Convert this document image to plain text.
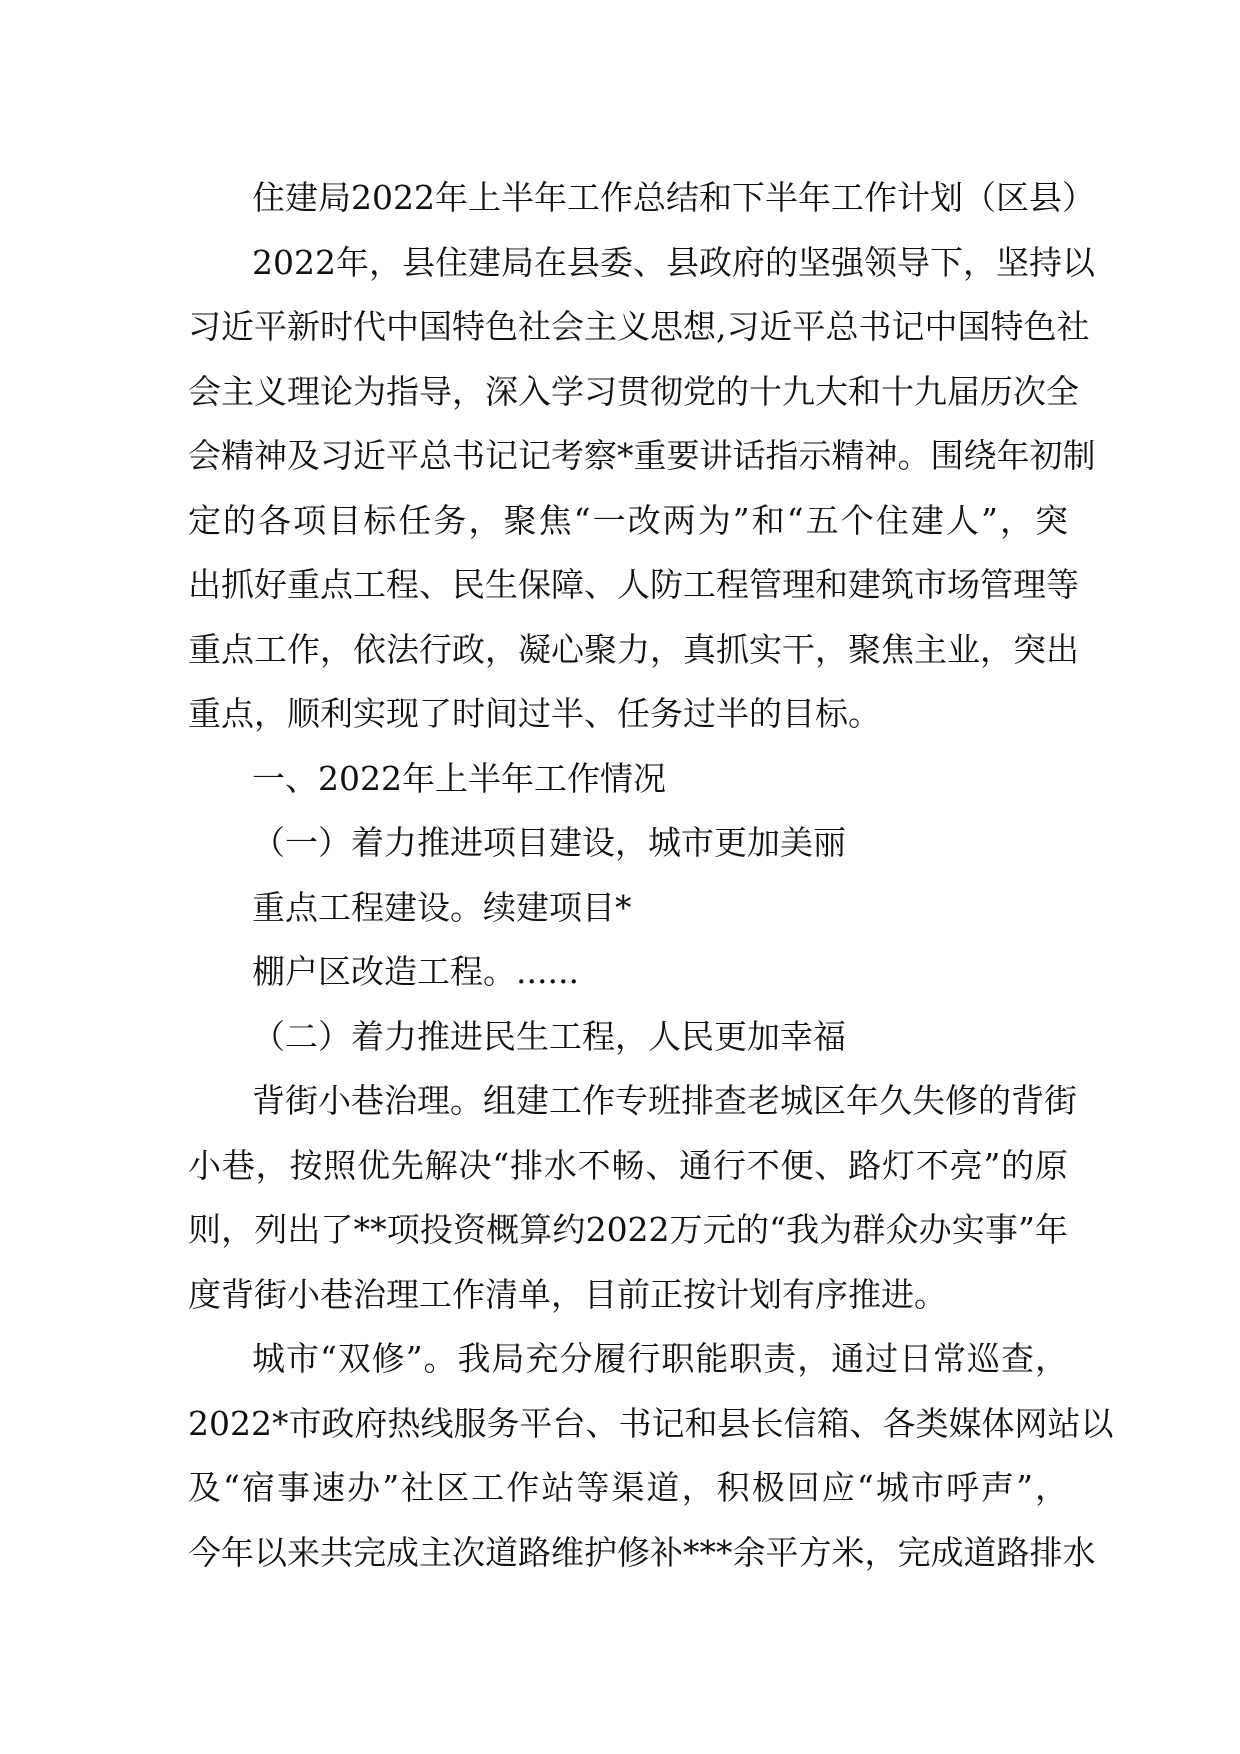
住建局2022年上半年工作总结和下半年工作计划（区县）
2022年，县住建局在县委、县政府的坚强领导下，坚持以
习近平新时代中国特色社会主义思想,习近平总书记中国特色社
会主义理论为指导，深入学习贯彻党的十九大和十九届历次全
会精神及习近平总书记记考察*重要讲话指示精神。围绕年初制
定的各项目标任务，聚焦“一改两为”和“五个住建人”，突
出抓好重点工程、民生保障、人防工程管理和建筑市场管理等
重点工作，依法行政，凝心聚力，真抓实干，聚焦主业，突出
重点，顺利实现了时间过半、任务过半的目标。
一、2022年上半年工作情况
（一）着力推进项目建设，城市更加美丽
重点工程建设。续建项目*
棚户区改造工程。......
（二）着力推进民生工程，人民更加幸福
背街小巷治理。组建工作专班排查老城区年久失修的背街
小巷，按照优先解决“排水不畅、通行不便、路灯不亮”的原
则，列出了**项投资概算约2022万元的“我为群众办实事”年
度背街小巷治理工作清单，目前正按计划有序推进。
城市“双修”。我局充分履行职能职责，通过日常巡查，
2022*市政府热线服务平台、书记和县长信箱、各类媒体网站以
及“宿事速办”社区工作站等渠道，积极回应“城市呼声”，
今年以来共完成主次道路维护修补***余平方米，完成道路排水
